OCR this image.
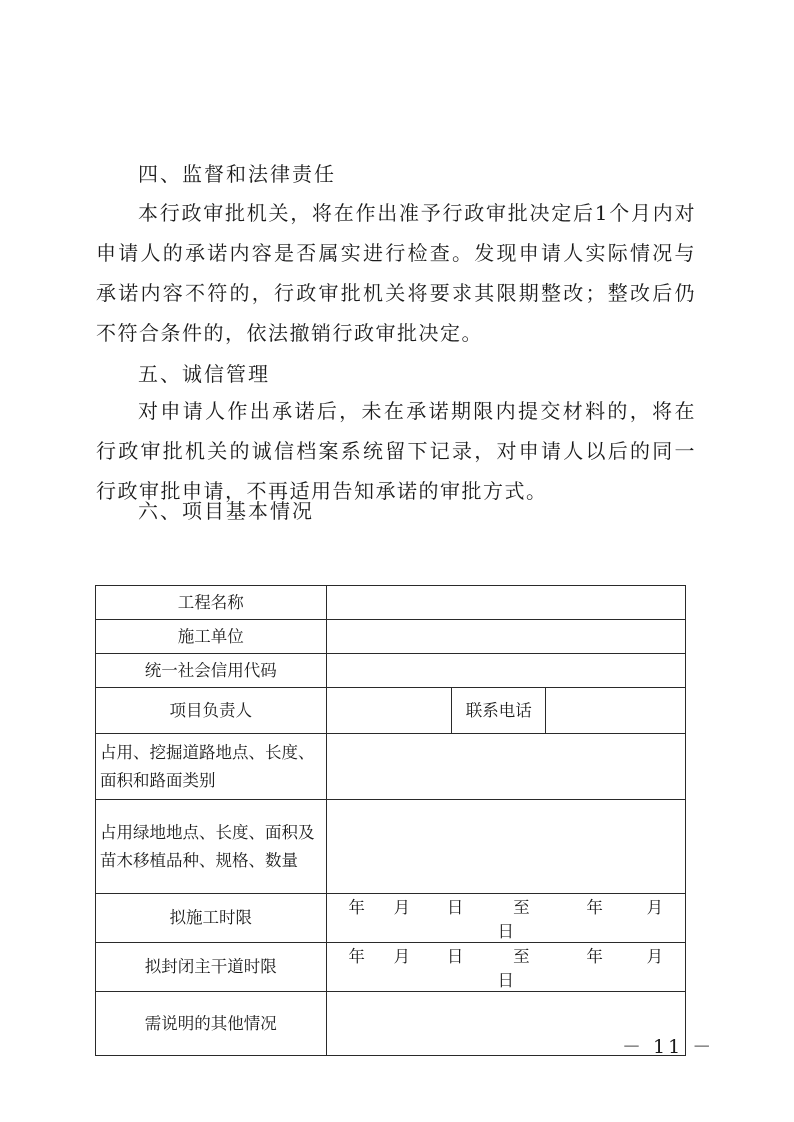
四、监督和法律责任
本行政审批机关，将在作出准予行政审批决定后1个月内对申请人的承诺内容是否属实进行检查。发现申请人实际情况与承诺内容不符的，行政审批机关将要求其限期整改；整改后仍不符合条件的，依法撤销行政审批决定。
五、诚信管理
对申请人作出承诺后，未在承诺期限内提交材料的，将在行政审批机关的诚信档案系统留下记录，对申请人以后的同一行政审批申请，不再适用告知承诺的审批方式。
六、项目基本情况
工程名称			
施工单位			
统一社会信用代码			
项目负责人		联系电话	
占用、挖掘道路地点、长度、面积和路面类别			
占用绿地地点、长度、面积及苗木移植品种、规格、数量			
拟施工时限	年 月 日 至 年 月 日		
拟封闭主干道时限	年 月 日 至 年 月 日		
需说明的其他情况			
－ 11 －
